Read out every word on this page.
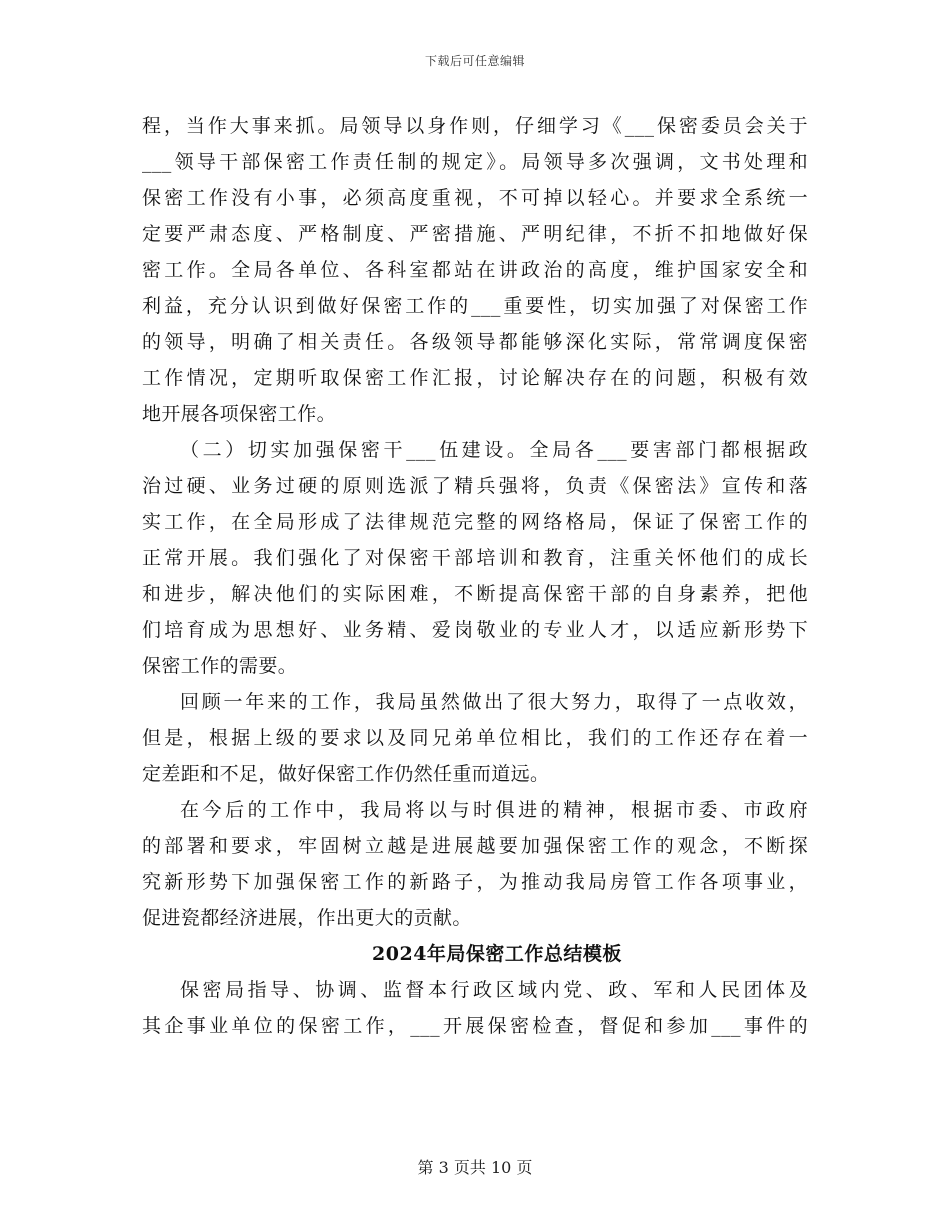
下载后可任意编辑
程，当作大事来抓。局领导以身作则，仔细学习《___保密委员会关于
___领导干部保密工作责任制的规定》。局领导多次强调，文书处理和
保密工作没有小事，必须高度重视，不可掉以轻心。并要求全系统一
定要严肃态度、严格制度、严密措施、严明纪律，不折不扣地做好保
密工作。全局各单位、各科室都站在讲政治的高度，维护国家安全和
利益，充分认识到做好保密工作的___重要性，切实加强了对保密工作
的领导，明确了相关责任。各级领导都能够深化实际，常常调度保密
工作情况，定期听取保密工作汇报，讨论解决存在的问题，积极有效
地开展各项保密工作。
（二）切实加强保密干___伍建设。全局各___要害部门都根据政
治过硬、业务过硬的原则选派了精兵强将，负责《保密法》宣传和落
实工作，在全局形成了法律规范完整的网络格局，保证了保密工作的
正常开展。我们强化了对保密干部培训和教育，注重关怀他们的成长
和进步，解决他们的实际困难，不断提高保密干部的自身素养，把他
们培育成为思想好、业务精、爱岗敬业的专业人才，以适应新形势下
保密工作的需要。
回顾一年来的工作，我局虽然做出了很大努力，取得了一点收效，
但是，根据上级的要求以及同兄弟单位相比，我们的工作还存在着一
定差距和不足，做好保密工作仍然任重而道远。
在今后的工作中，我局将以与时俱进的精神，根据市委、市政府
的部署和要求，牢固树立越是进展越要加强保密工作的观念，不断探
究新形势下加强保密工作的新路子，为推动我局房管工作各项事业，
促进瓷都经济进展，作出更大的贡献。
2024年局保密工作总结模板
保密局指导、协调、监督本行政区域内党、政、军和人民团体及
其企事业单位的保密工作，___开展保密检查，督促和参加___事件的
第 3 页共 10 页
